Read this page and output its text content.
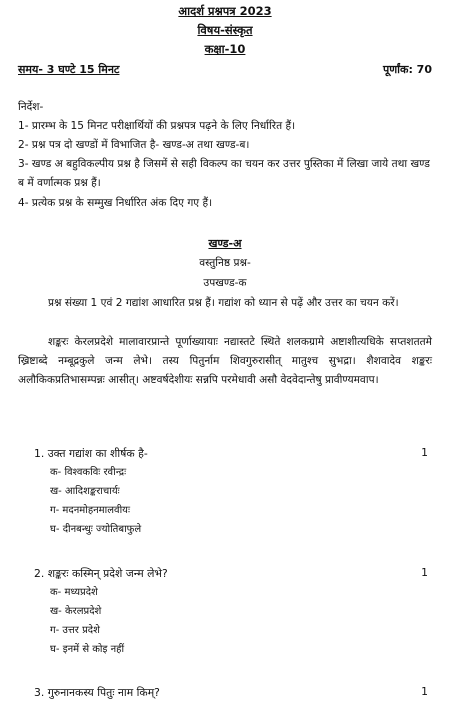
आदर्श प्रश्नपत्र 2023
विषय-संस्कृत
कक्षा-10
समय- 3 घण्टे 15 मिनट	पूर्णांक: 70
निर्देश-
1- प्रारम्भ के 15 मिनट परीक्षार्थियों की प्रश्नपत्र पढ़ने के लिए निर्धारित हैं।
2- प्रश्न पत्र दो खण्डों में विभाजित है- खण्ड-अ तथा खण्ड-ब।
3- खण्ड अ बहुविकल्पीय प्रश्न है जिसमें से सही विकल्प का चयन कर उत्तर पुस्तिका में लिखा जाये तथा खण्ड ब में वर्णात्मक प्रश्न हैं।
4- प्रत्येक प्रश्न के सम्मुख निर्धारित अंक दिए गए हैं।
खण्ड-अ
वस्तुनिष्ठ प्रश्न-
उपखण्ड-क
प्रश्न संख्या 1 एवं 2 गद्यांश आधारित प्रश्न हैं। गद्यांश को ध्यान से पढ़ें और उत्तर का चयन करें।
शङ्करः केरलप्रदेशे मालावारप्रान्ते पूर्णाख्यायाः नद्यास्तटे स्थिते शलकग्रामे अष्टाशीत्यधिके सप्तशततमे ख्रिष्टाब्दे नम्बूद्रकुले जन्म लेभे। तस्य पितुर्नाम शिवगुरुरासीत् मातुश्च सुभद्रा। शैशवादेव शङ्करः अलौकिकप्रतिभासम्पन्नः आसीत्। अष्टवर्षदेशीयः सन्नपि परमेधावी असौ वेदवेदान्तेषु प्रावीण्यमवाप।
1. उक्त गद्यांश का शीर्षक है-	1
क- विश्वकविः रवीन्द्रः
ख- आदिशङ्कराचार्यः
ग- मदनमोहनमालवीयः
घ- दीनबन्धुः ज्योतिबाफुले
2. शङ्करः कस्मिन् प्रदेशे जन्म लेभे?	1
क- मध्यप्रदेशे
ख- केरलप्रदेशे
ग- उत्तर प्रदेशे
घ- इनमें से कोइ नहीं
3. गुरुनानकस्य पितुः नाम किम्?	1
